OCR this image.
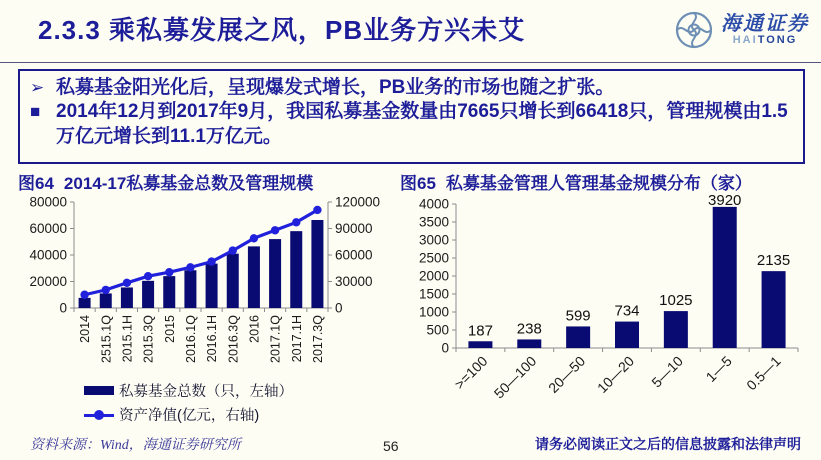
2.3.3 乘私募发展之风，PB业务方兴未艾	海通证券
HAITONG
➢ 私募基金阳光化后，呈现爆发式增长，PB业务的市场也随之扩张。
■ 2014年12月到2017年9月，我国私募基金数量由7665只增长到66418只，管理规模由1.5万亿元增长到11.1万亿元。
图64 2014-17私募基金总数及管理规模	图65 私募基金管理人管理基金规模分布（家）
0
20000
40000
60000
80000
0
30000
60000
90000
120000
2014 2515.1Q 2015.1H 2015.3Q 2015 2016.1Q 2016.1H 2016.3Q 2016 2017.1Q 2017.1H 2017.3Q
私募基金总数（只，左轴）
资产净值(亿元，右轴)
0
500
1000
1500
2000
2500
3000
3500
4000
187 238
599 734
1025
3920
2135
>=100 50—100 20—50 10—20 5—10 1—5 0.5—1
资料来源：Wind，海通证券研究所	56	请务必阅读正文之后的信息披露和法律声明
